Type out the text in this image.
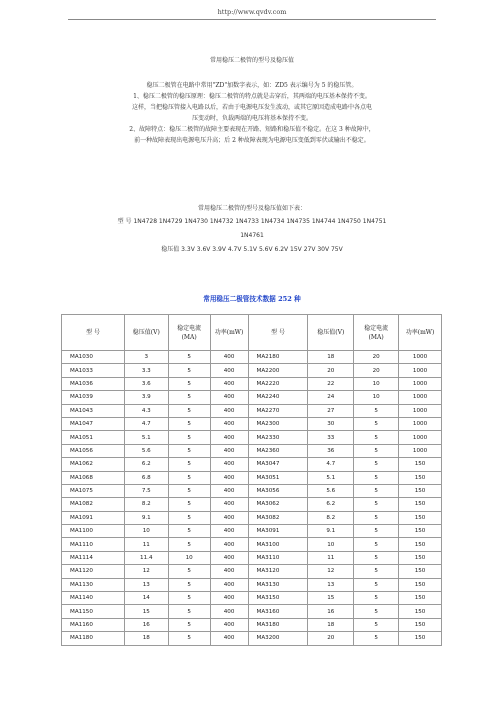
http://www.qvdv.com
常用稳压二极管的型号及稳压值
稳压二极管在电路中常用"ZD"加数字表示，如：ZD5 表示编号为 5 的稳压管。
1、稳压二极管的稳压原理：稳压二极管的特点就是击穿后，其两端的电压基本保持不变。
这样，当把稳压管接入电路以后，若由于电源电压发生波动，或其它原因造成电路中各点电
压变动时，负载两端的电压将基本保持不变。
2、故障特点：稳压二极管的故障主要表现在开路、短路和稳压值不稳定。在这 3 种故障中，
前一种故障表现出电源电压升高；后 2 种故障表现为电源电压变低到零伏或输出不稳定。
常用稳压二极管的型号及稳压值如下表：
型 号 1N4728 1N4729 1N4730 1N4732 1N4733 1N4734 1N4735 1N4744 1N4750 1N4751
1N4761
稳压值 3.3V 3.6V 3.9V 4.7V 5.1V 5.6V 6.2V 15V 27V 30V 75V
常用稳压二极管技术数据 252 种
型 号	稳压值(V)	稳定电流
(MA)	功率(mW)	型 号	稳压值(V)	稳定电流
(MA)	功率(mW)
MA1030	3	5	400	MA2180	18	20	1000
MA1033	3.3	5	400	MA2200	20	20	1000
MA1036	3.6	5	400	MA2220	22	10	1000
MA1039	3.9	5	400	MA2240	24	10	1000
MA1043	4.3	5	400	MA2270	27	5	1000
MA1047	4.7	5	400	MA2300	30	5	1000
MA1051	5.1	5	400	MA2330	33	5	1000
MA1056	5.6	5	400	MA2360	36	5	1000
MA1062	6.2	5	400	MA3047	4.7	5	150
MA1068	6.8	5	400	MA3051	5.1	5	150
MA1075	7.5	5	400	MA3056	5.6	5	150
MA1082	8.2	5	400	MA3062	6.2	5	150
MA1091	9.1	5	400	MA3082	8.2	5	150
MA1100	10	5	400	MA3091	9.1	5	150
MA1110	11	5	400	MA3100	10	5	150
MA1114	11.4	10	400	MA3110	11	5	150
MA1120	12	5	400	MA3120	12	5	150
MA1130	13	5	400	MA3130	13	5	150
MA1140	14	5	400	MA3150	15	5	150
MA1150	15	5	400	MA3160	16	5	150
MA1160	16	5	400	MA3180	18	5	150
MA1180	18	5	400	MA3200	20	5	150
